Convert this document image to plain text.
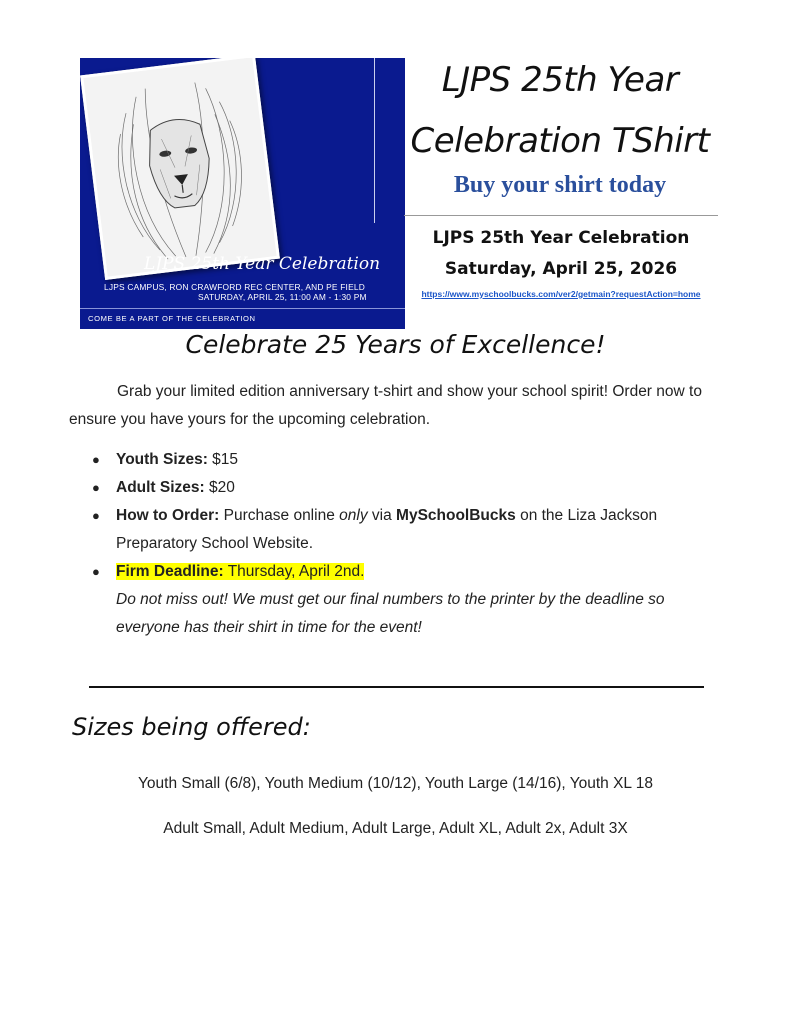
LJPS 25th Year Celebration
LJPS CAMPUS, RON CRAWFORD REC CENTER, AND PE FIELD
SATURDAY, APRIL 25, 11:00 AM - 1:30 PM
COME BE A PART OF THE CELEBRATION
LJPS 25th Year
Celebration TShirt
Buy your shirt today
LJPS 25th Year Celebration
Saturday, April 25, 2026
https://www.myschoolbucks.com/ver2/getmain?requestAction=home
Celebrate 25 Years of Excellence!
Grab your limited edition anniversary t-shirt and show your school spirit! Order now to ensure you have yours for the upcoming celebration.
● Youth Sizes: $15
● Adult Sizes: $20
● How to Order: Purchase online only via MySchoolBucks on the Liza Jackson Preparatory School Website.
● Firm Deadline: Thursday, April 2nd.
Do not miss out! We must get our final numbers to the printer by the deadline so everyone has their shirt in time for the event!
Sizes being offered:
Youth Small (6/8), Youth Medium (10/12), Youth Large (14/16), Youth XL 18
Adult Small, Adult Medium, Adult Large, Adult XL, Adult 2x, Adult 3X
